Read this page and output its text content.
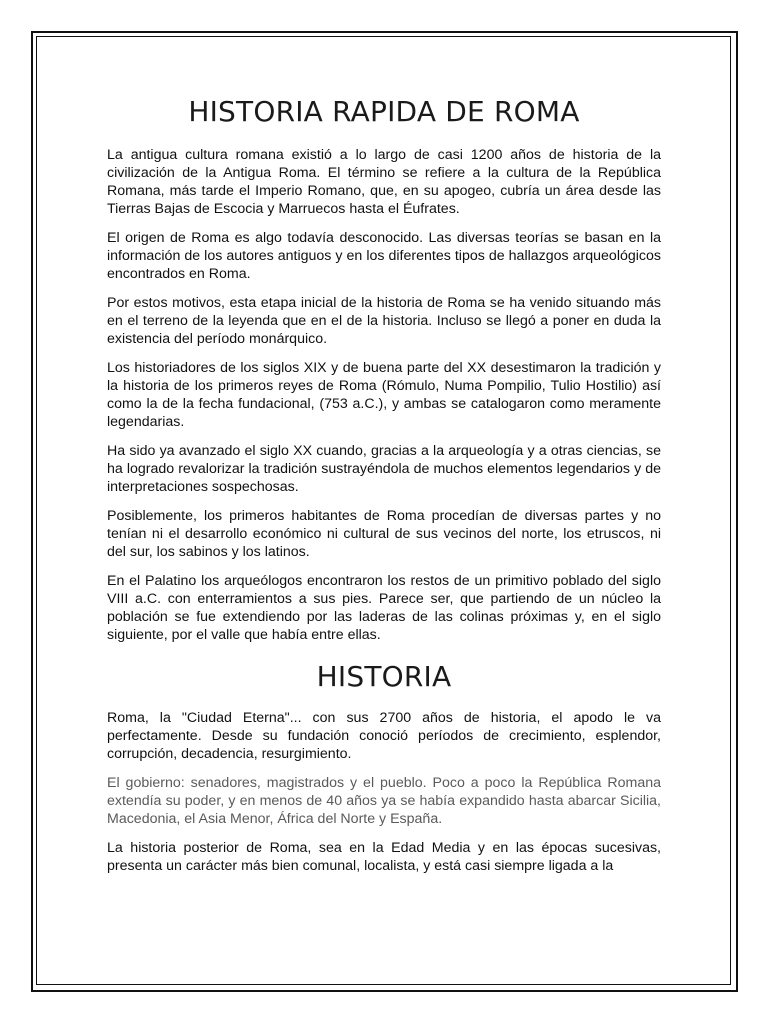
HISTORIA RAPIDA DE ROMA

La antigua cultura romana existió a lo largo de casi 1200 años de historia de la civilización de la Antigua Roma. El término se refiere a la cultura de la República Romana, más tarde el Imperio Romano, que, en su apogeo, cubría un área desde las Tierras Bajas de Escocia y Marruecos hasta el Éufrates.

El origen de Roma es algo todavía desconocido. Las diversas teorías se basan en la información de los autores antiguos y en los diferentes tipos de hallazgos arqueológicos encontrados en Roma.

Por estos motivos, esta etapa inicial de la historia de Roma se ha venido situando más en el terreno de la leyenda que en el de la historia. Incluso se llegó a poner en duda la existencia del período monárquico.

Los historiadores de los siglos XIX y de buena parte del XX desestimaron la tradición y la historia de los primeros reyes de Roma (Rómulo, Numa Pompilio, Tulio Hostilio) así como la de la fecha fundacional, (753 a.C.), y ambas se catalogaron como meramente legendarias.

Ha sido ya avanzado el siglo XX cuando, gracias a la arqueología y a otras ciencias, se ha logrado revalorizar la tradición sustrayéndola de muchos elementos legendarios y de interpretaciones sospechosas.

Posiblemente, los primeros habitantes de Roma procedían de diversas partes y no tenían ni el desarrollo económico ni cultural de sus vecinos del norte, los etruscos, ni del sur, los sabinos y los latinos.

En el Palatino los arqueólogos encontraron los restos de un primitivo poblado del siglo VIII a.C. con enterramientos a sus pies. Parece ser, que partiendo de un núcleo la población se fue extendiendo por las laderas de las colinas próximas y, en el siglo siguiente, por el valle que había entre ellas.

HISTORIA

Roma, la "Ciudad Eterna"... con sus 2700 años de historia, el apodo le va perfectamente. Desde su fundación conoció períodos de crecimiento, esplendor, corrupción, decadencia, resurgimiento.

El gobierno: senadores, magistrados y el pueblo. Poco a poco la República Romana extendía su poder, y en menos de 40 años ya se había expandido hasta abarcar Sicilia, Macedonia, el Asia Menor, África del Norte y España.

La historia posterior de Roma, sea en la Edad Media y en las épocas sucesivas, presenta un carácter más bien comunal, localista, y está casi siempre ligada a la
